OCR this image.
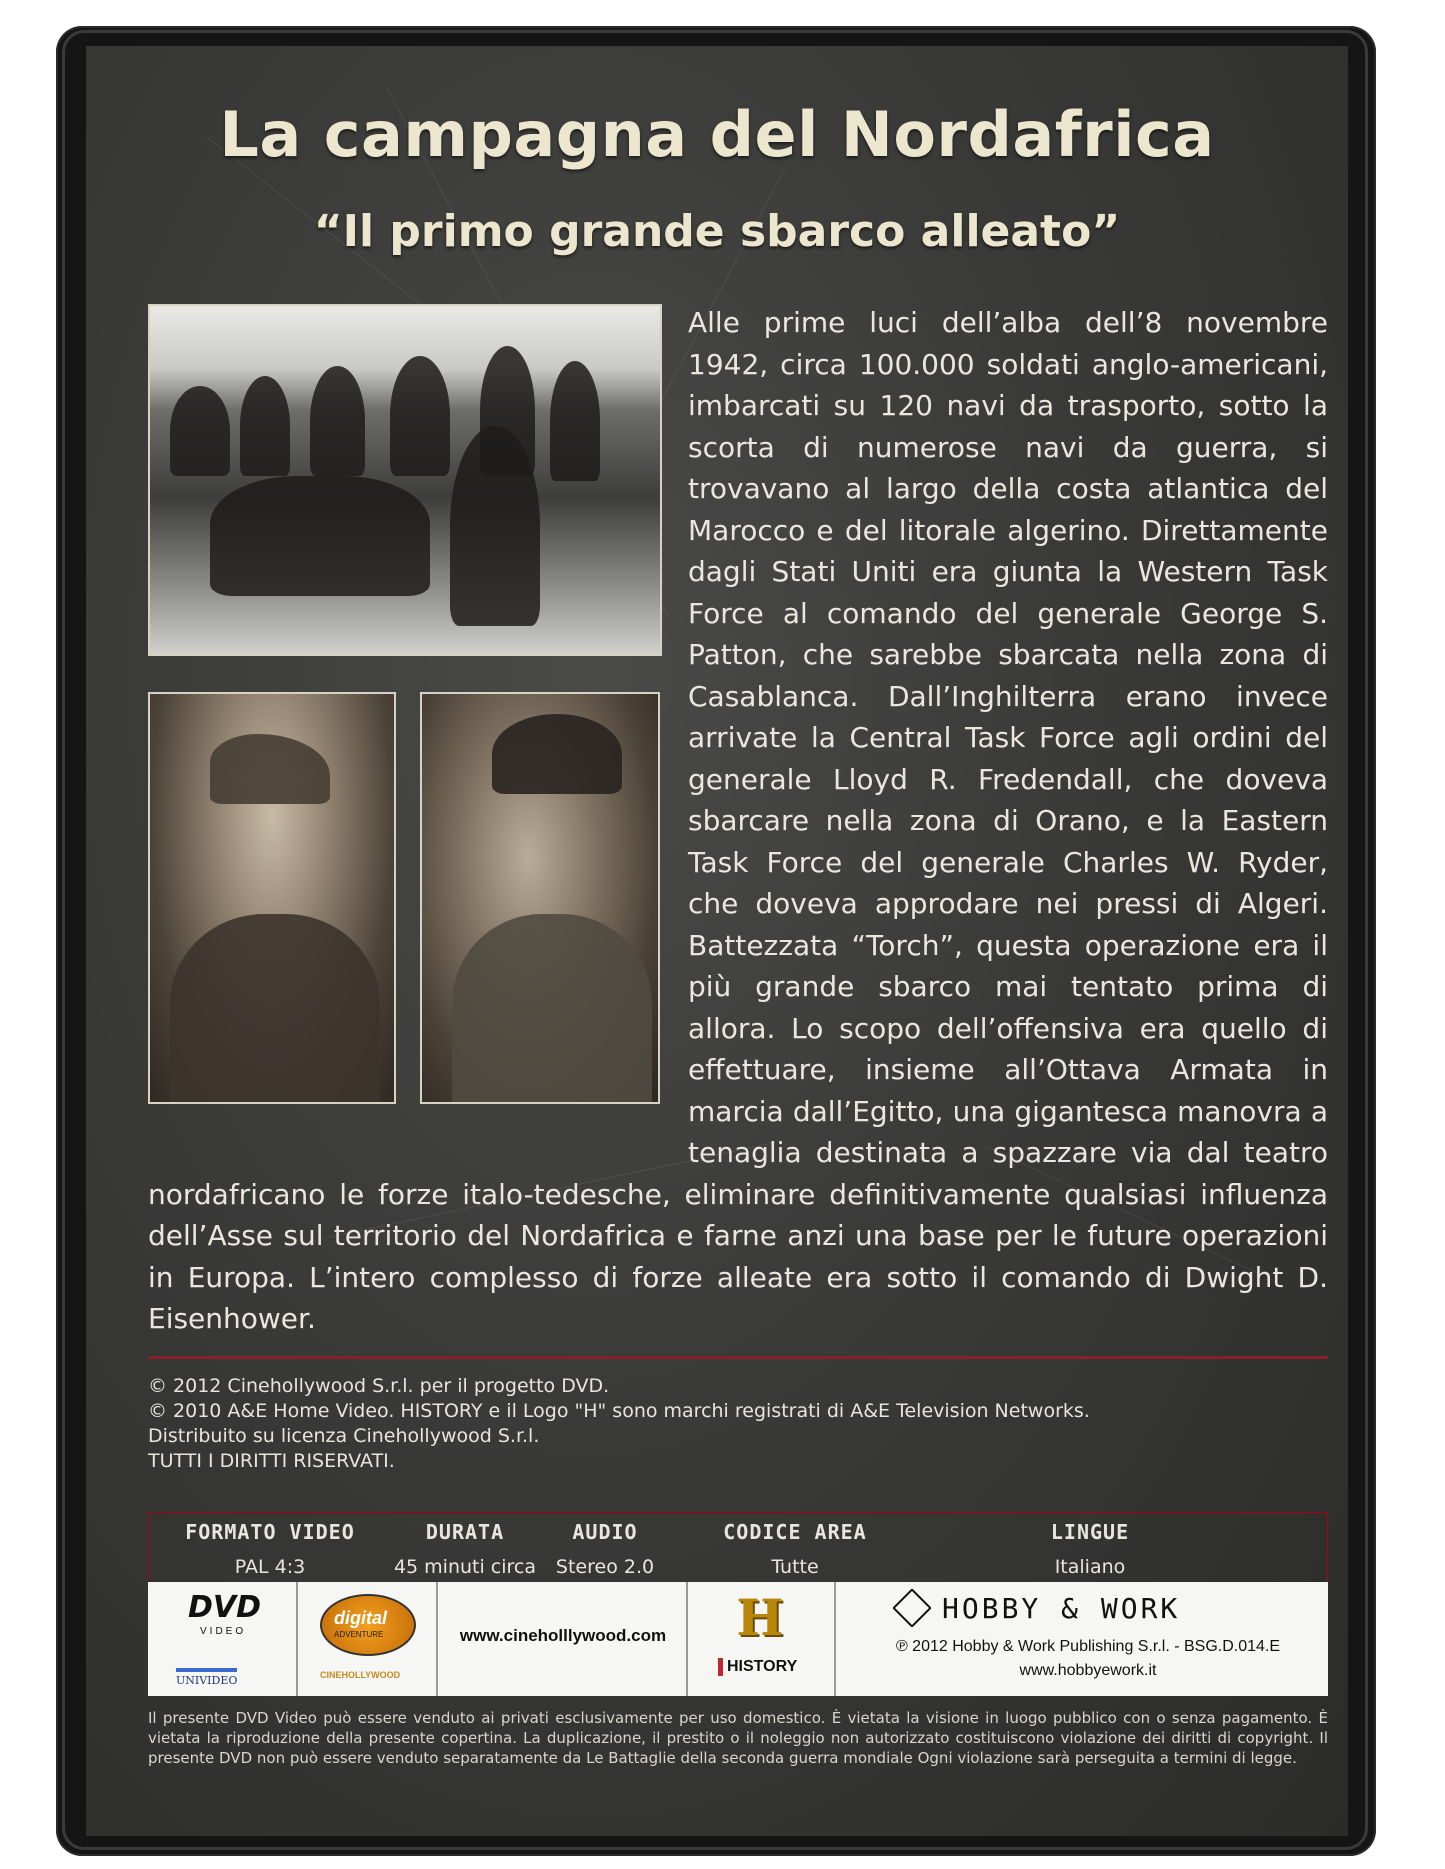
La campagna del Nordafrica
“Il primo grande sbarco alleato”
Alle prime luci dell’alba dell’8 novembre 1942, circa 100.000 soldati anglo-americani, imbarcati su 120 navi da trasporto, sotto la scorta di numerose navi da guerra, si trovavano al largo della costa atlantica del Marocco e del litorale algerino. Direttamente dagli Stati Uniti era giunta la Western Task Force al comando del generale George S. Patton, che sarebbe sbarcata nella zona di Casablanca. Dall’Inghilterra erano invece arrivate la Central Task Force agli ordini del generale Lloyd R. Fredendall, che doveva sbarcare nella zona di Orano, e la Eastern Task Force del generale Charles W. Ryder, che doveva approdare nei pressi di Algeri. Battezzata “Torch”, questa operazione era il più grande sbarco mai tentato prima di allora. Lo scopo dell’offensiva era quello di effettuare, insieme all’Ottava Armata in marcia dall’Egitto, una gigantesca manovra a tenaglia destinata a spazzare via dal teatro nordafricano le forze italo-tedesche, eliminare definitivamente qualsiasi influenza dell’Asse sul territorio del Nordafrica e farne anzi una base per le future operazioni in Europa. L’intero complesso di forze alleate era sotto il comando di Dwight D. Eisenhower.
© 2012 Cinehollywood S.r.l. per il progetto DVD.
© 2010 A&E Home Video. HISTORY e il Logo "H" sono marchi registrati di A&E Television Networks.
Distribuito su licenza Cinehollywood S.r.l.
TUTTI I DIRITTI RISERVATI.
FORMATO VIDEO
PAL 4:3
DURATA
45 minuti circa
AUDIO
Stereo 2.0
CODICE AREA
Tutte
LINGUE
Italiano
DVD
VIDEO
UNIVIDEO
digital
ADVENTURE
CINEHOLLYWOOD
www.cineholllywood.com H
HISTORY
HOBBY & WORK
℗ 2012 Hobby & Work Publishing S.r.l. - BSG.D.014.E
www.hobbyework.it
Il presente DVD Video può essere venduto ai privati esclusivamente per uso domestico. È vietata la visione in luogo pubblico con o senza pagamento. È vietata la riproduzione della presente copertina. La duplicazione, il prestito o il noleggio non autorizzato costituiscono violazione dei diritti di copyright. Il presente DVD non può essere venduto separatamente da Le Battaglie della seconda guerra mondiale Ogni violazione sarà perseguita a termini di legge.
